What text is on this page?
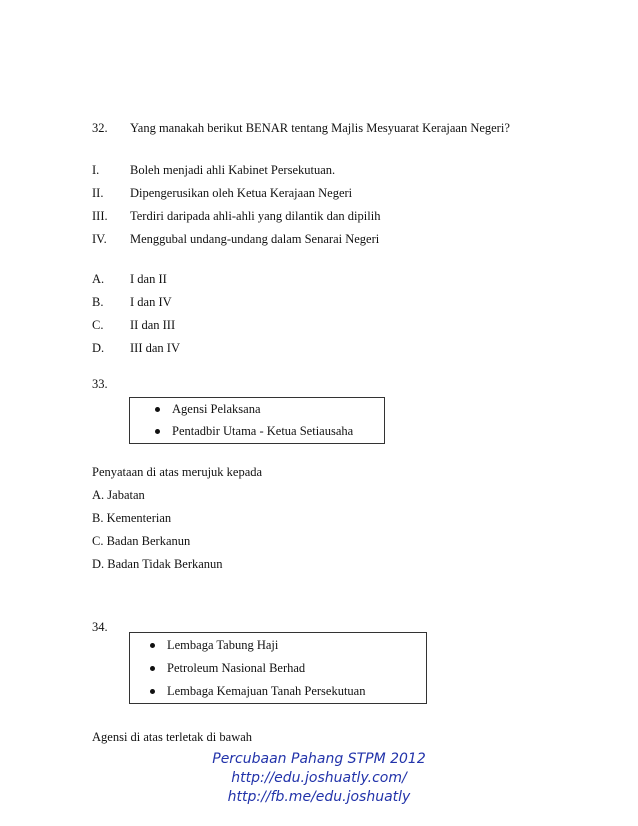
32. Yang manakah berikut BENAR tentang Majlis Mesyuarat Kerajaan Negeri?
I. Boleh menjadi ahli Kabinet Persekutuan.
II. Dipengerusikan oleh Ketua Kerajaan Negeri
III. Terdiri daripada ahli-ahli yang dilantik dan dipilih
IV. Menggubal undang-undang dalam Senarai Negeri
A. I dan II
B. I dan IV
C. II dan III
D. III dan IV
33.
Agensi Pelaksana
Pentadbir Utama - Ketua Setiausaha
Penyataan di atas merujuk kepada
A. Jabatan
B. Kementerian
C. Badan Berkanun
D. Badan Tidak Berkanun
34.
Lembaga Tabung Haji
Petroleum Nasional Berhad
Lembaga Kemajuan Tanah Persekutuan
Agensi di atas terletak di bawah
Percubaan Pahang STPM 2012
http://edu.joshuatly.com/
http://fb.me/edu.joshuatly
